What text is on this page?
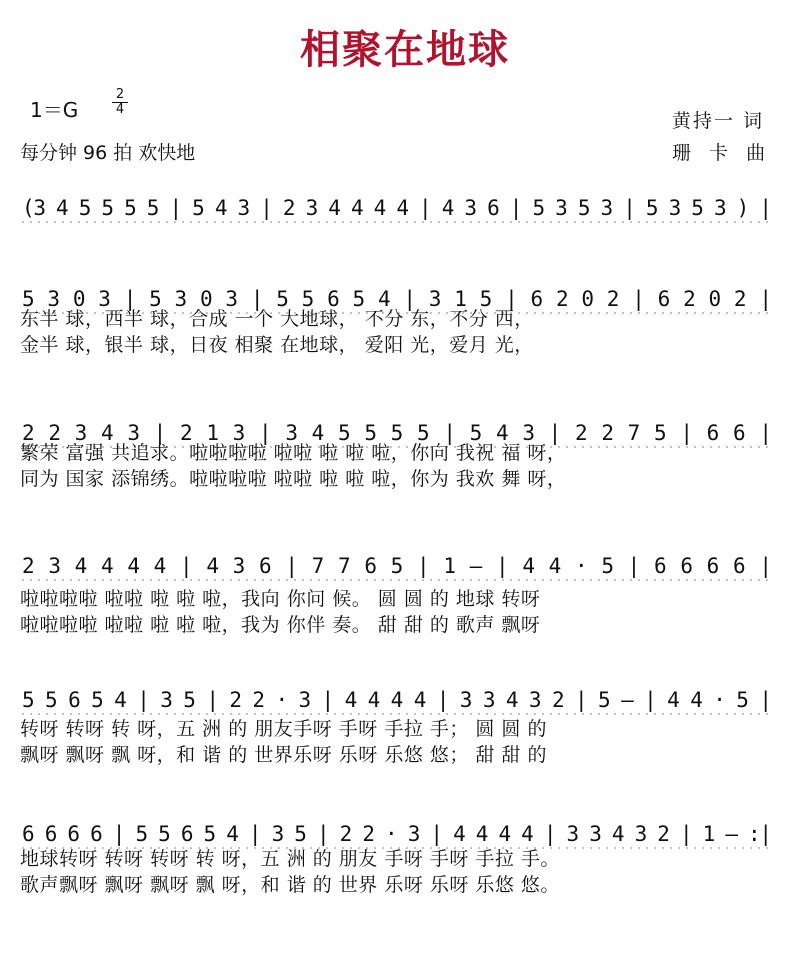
相聚在地球
1＝G
2
4
每分钟 96 拍 欢快地
黄持一 词
珊 卡 曲
(3 4 5 5 5 5 | 5 4 3 | 2 3 4 4 4 4 | 4 3 6 | 5 3 5 3 | 5 3 5 3 ) |
5 3 0 3 | 5 3 0 3 | 5 5 6 5 4 | 3 1 5 | 6 2 0 2 | 6 2 0 2 |
2 2 3 4 3 | 2 1 3 | 3 4 5 5 5 5 | 5 4 3 | 2 2 7 5 | 6 6 |
2 3 4 4 4 4 | 4 3 6 | 7 7 6 5 | 1 — | 4 4 · 5 | 6 6 6 6 |
5 5 6 5 4 | 3 5 | 2 2 · 3 | 4 4 4 4 | 3 3 4 3 2 | 5 — | 4 4 · 5 |
6 6 6 6 | 5 5 6 5 4 | 3 5 | 2 2 · 3 | 4 4 4 4 | 3 3 4 3 2 | 1 — :|
东半 球，西半 球，合成 一个 大地球， 不分 东，不分 西，
金半 球，银半 球，日夜 相聚 在地球， 爱阳 光，爱月 光，
繁荣 富强 共追求。啦啦啦啦 啦啦 啦 啦 啦，你向 我祝 福 呀，
同为 国家 添锦绣。啦啦啦啦 啦啦 啦 啦 啦，你为 我欢 舞 呀，
啦啦啦啦 啦啦 啦 啦 啦，我向 你问 候。 圆 圆 的 地球 转呀
啦啦啦啦 啦啦 啦 啦 啦，我为 你伴 奏。 甜 甜 的 歌声 飘呀
转呀 转呀 转 呀，五 洲 的 朋友手呀 手呀 手拉 手； 圆 圆 的
飘呀 飘呀 飘 呀，和 谐 的 世界乐呀 乐呀 乐悠 悠； 甜 甜 的
地球转呀 转呀 转呀 转 呀，五 洲 的 朋友 手呀 手呀 手拉 手。
歌声飘呀 飘呀 飘呀 飘 呀，和 谐 的 世界 乐呀 乐呀 乐悠 悠。
